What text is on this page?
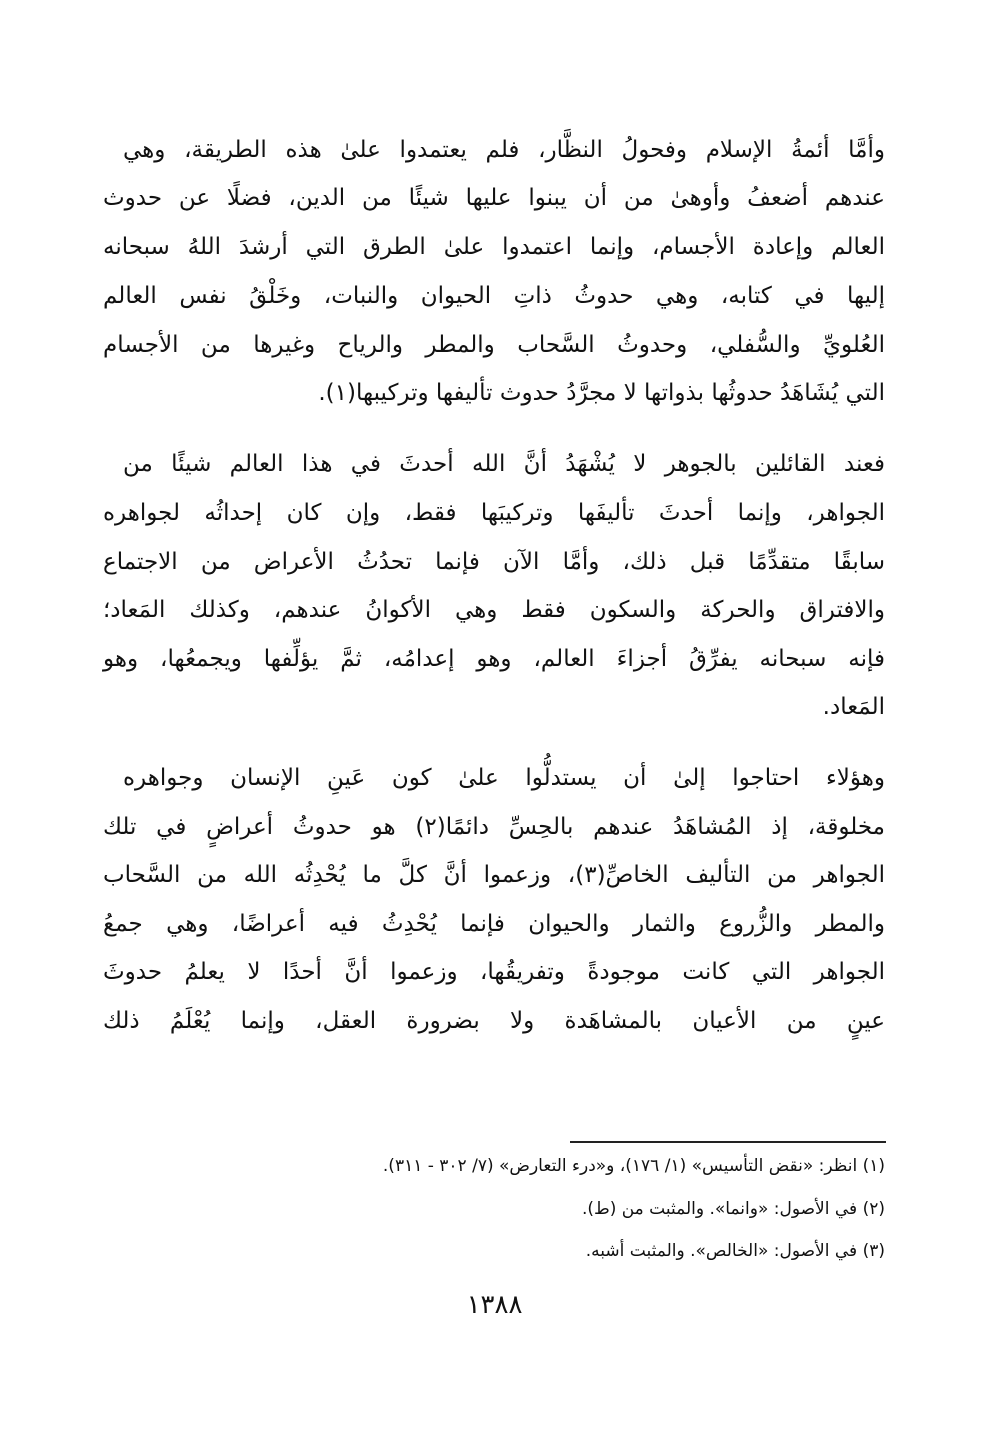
وأمَّا أئمةُ الإسلام وفحولُ النظَّار، فلم يعتمدوا علىٰ هذه الطريقة، وهي
عندهم أضعفُ وأوهىٰ من أن يبنوا عليها شيئًا من الدين، فضلًا عن حدوث
العالم وإعادة الأجسام، وإنما اعتمدوا علىٰ الطرق التي أرشدَ اللهُ سبحانه
إليها في كتابه، وهي حدوثُ ذاتِ الحيوان والنبات، وخَلْقُ نفس العالم
العُلويِّ والسُّفلي، وحدوثُ السَّحاب والمطر والرياح وغيرها من الأجسام
التي يُشَاهَدُ حدوثُها بذواتها لا مجرَّدُ حدوث تأليفها وتركيبها(١).
فعند القائلين بالجوهر لا يُشْهَدُ أنَّ الله أحدثَ في هذا العالم شيئًا من
الجواهر، وإنما أحدثَ تأليفَها وتركيبَها فقط، وإن كان إحداثُه لجواهره
سابقًا متقدِّمًا قبل ذلك، وأمَّا الآن فإنما تحدُثُ الأعراض من الاجتماع
والافتراق والحركة والسكون فقط وهي الأكوانُ عندهم، وكذلك المَعاد؛
فإنه سبحانه يفرِّقُ أجزاءَ العالم، وهو إعدامُه، ثمَّ يؤلِّفها ويجمعُها، وهو
المَعاد.
وهؤلاء احتاجوا إلىٰ أن يستدلُّوا علىٰ كون عَينِ الإنسان وجواهره
مخلوقة، إذ المُشاهَدُ عندهم بالحِسِّ دائمًا(٢) هو حدوثُ أعراضٍ في تلك
الجواهر من التأليف الخاصِّ(٣)، وزعموا أنَّ كلَّ ما يُحْدِثُه الله من السَّحاب
والمطر والزُّروع والثمار والحيوان فإنما يُحْدِثُ فيه أعراضًا، وهي جمعُ
الجواهر التي كانت موجودةً وتفريقُها، وزعموا أنَّ أحدًا لا يعلمُ حدوثَ
عينٍ من الأعيان بالمشاهَدة ولا بضرورة العقل، وإنما يُعْلَمُ ذلك
(١) انظر: «نقض التأسيس» (١/ ١٧٦)، و«درء التعارض» (٧/ ٣٠٢ - ٣١١).
(٢) في الأصول: «وانما». والمثبت من (ط).
(٣) في الأصول: «الخالص». والمثبت أشبه.
١٣٨٨
